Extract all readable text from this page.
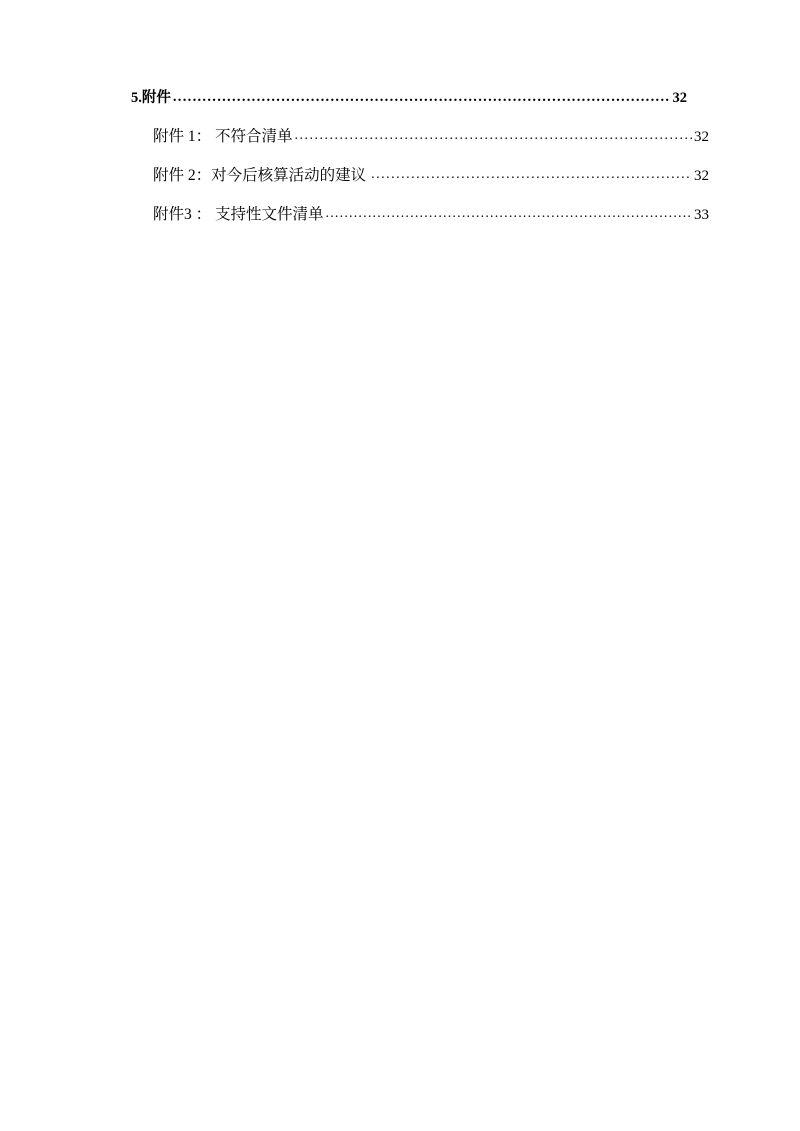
5.附件 .....	32
附件 1： 不符合清单 .....	32
附件 2：对今后核算活动的建议 .....	32
附件3 ： 支持性文件清单 .....	33
